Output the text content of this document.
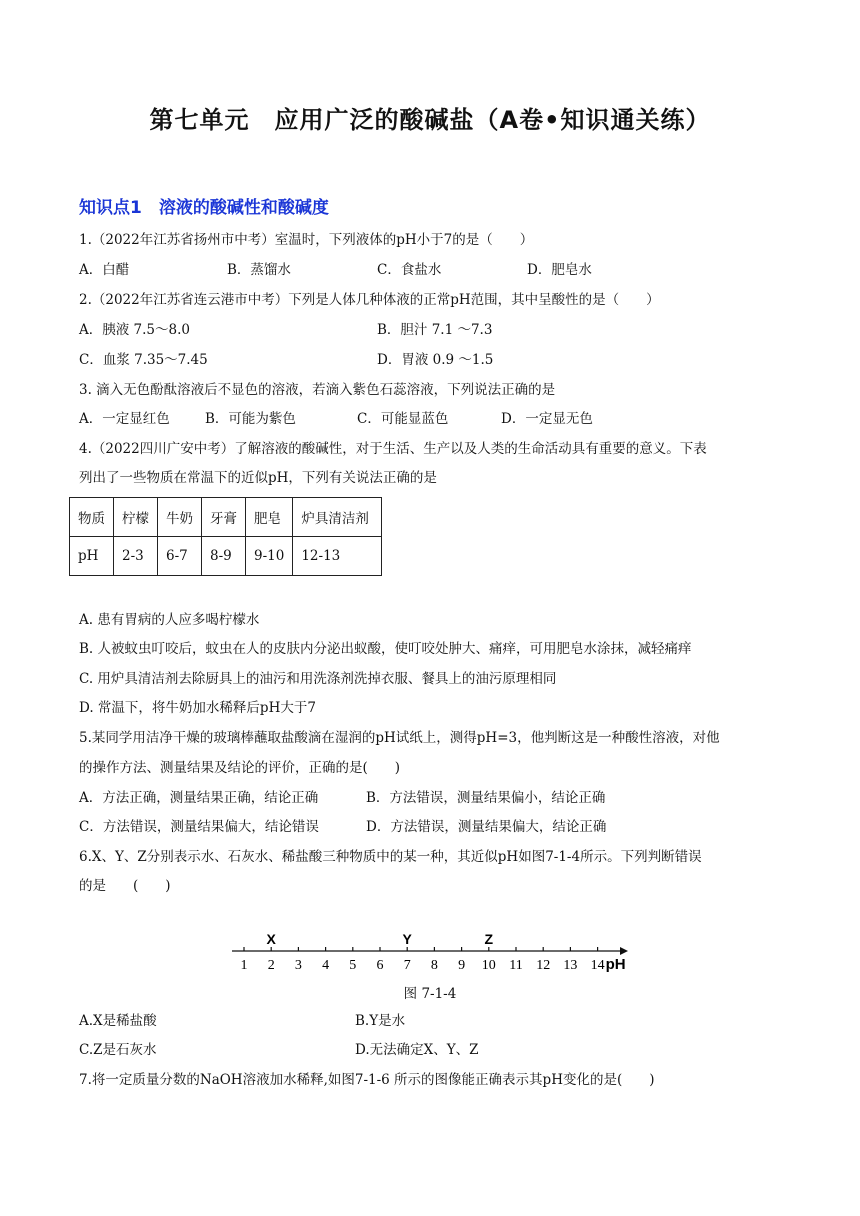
第七单元　应用广泛的酸碱盐（A卷•知识通关练）
知识点1　溶液的酸碱性和酸碱度
1.（2022年江苏省扬州市中考）室温时，下列液体的pH小于7的是（　　）
A．白醋	B．蒸馏水	C．食盐水	D．肥皂水
2.（2022年江苏省连云港市中考）下列是人体几种体液的正常pH范围，其中呈酸性的是（　　）
A．胰液 7.5～8.0	B．胆汁 7.1 ～7.3
C．血浆 7.35～7.45	D．胃液 0.9 ～1.5
3. 滴入无色酚酞溶液后不显色的溶液，若滴入紫色石蕊溶液，下列说法正确的是
A．一定显红色	B．可能为紫色	C．可能显蓝色	D．一定显无色
4.（2022四川广安中考）了解溶液的酸碱性，对于生活、生产以及人类的生命活动具有重要的意义。下表
列出了一些物质在常温下的近似pH，下列有关说法正确的是
物质	柠檬	牛奶	牙膏	肥皂	炉具清洁剂
pH	2-3	6-7	8-9	9-10	12-13
A. 患有胃病的人应多喝柠檬水
B. 人被蚊虫叮咬后，蚊虫在人的皮肤内分泌出蚁酸，使叮咬处肿大、痛痒，可用肥皂水涂抹，减轻痛痒
C. 用炉具清洁剂去除厨具上的油污和用洗涤剂洗掉衣服、餐具上的油污原理相同
D. 常温下，将牛奶加水稀释后pH大于7
5.某同学用洁净干燥的玻璃棒蘸取盐酸滴在湿润的pH试纸上，测得pH=3，他判断这是一种酸性溶液，对他
的操作方法、测量结果及结论的评价，正确的是(　　)
A．方法正确，测量结果正确，结论正确	B．方法错误，测量结果偏小，结论正确
C．方法错误，测量结果偏大，结论错误	D．方法错误，测量结果偏大，结论正确
6.X、Y、Z分别表示水、石灰水、稀盐酸三种物质中的某一种，其近似pH如图7-1-4所示。下列判断错误
的是　　(　　)
1 2 3 4 5 6 7 8 9 10 11 12 13 14 pH
X	Y	Z
图 7-1-4
A.X是稀盐酸	B.Y是水
C.Z是石灰水	D.无法确定X、Y、Z
7.将一定质量分数的NaOH溶液加水稀释,如图7-1-6 所示的图像能正确表示其pH变化的是(　　)
